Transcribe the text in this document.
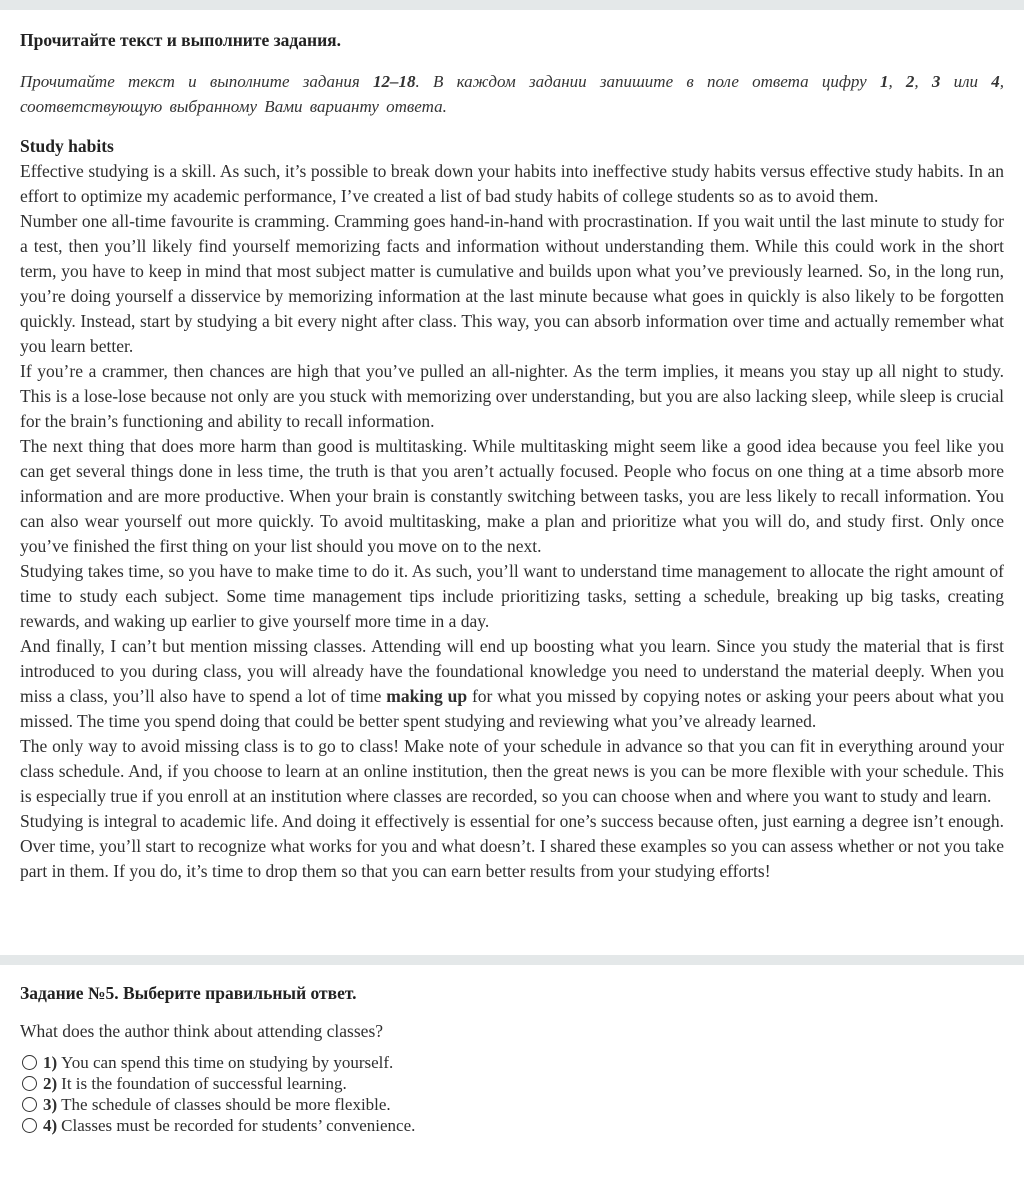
Прочитайте текст и выполните задания.

Прочитайте текст и выполните задания 12–18. В каждом задании запишите в поле ответа цифру 1, 2, 3 или 4, соответствующую выбранному Вами варианту ответа.

Study habits

Effective studying is a skill. As such, it’s possible to break down your habits into ineffective study habits versus effective study habits. In an effort to optimize my academic performance, I’ve created a list of bad study habits of college students so as to avoid them.

Number one all-time favourite is cramming. Cramming goes hand-in-hand with procrastination. If you wait until the last minute to study for a test, then you’ll likely find yourself memorizing facts and information without understanding them. While this could work in the short term, you have to keep in mind that most subject matter is cumulative and builds upon what you’ve previously learned. So, in the long run, you’re doing yourself a disservice by memorizing information at the last minute because what goes in quickly is also likely to be forgotten quickly. Instead, start by studying a bit every night after class. This way, you can absorb information over time and actually remember what you learn better.

If you’re a crammer, then chances are high that you’ve pulled an all-nighter. As the term implies, it means you stay up all night to study. This is a lose-lose because not only are you stuck with memorizing over understanding, but you are also lacking sleep, while sleep is crucial for the brain’s functioning and ability to recall information.

The next thing that does more harm than good is multitasking. While multitasking might seem like a good idea because you feel like you can get several things done in less time, the truth is that you aren’t actually focused. People who focus on one thing at a time absorb more information and are more productive. When your brain is constantly switching between tasks, you are less likely to recall information. You can also wear yourself out more quickly. To avoid multitasking, make a plan and prioritize what you will do, and study first. Only once you’ve finished the first thing on your list should you move on to the next.

Studying takes time, so you have to make time to do it. As such, you’ll want to understand time management to allocate the right amount of time to study each subject. Some time management tips include prioritizing tasks, setting a schedule, breaking up big tasks, creating rewards, and waking up earlier to give yourself more time in a day.

And finally, I can’t but mention missing classes. Attending will end up boosting what you learn. Since you study the material that is first introduced to you during class, you will already have the foundational knowledge you need to understand the material deeply. When you miss a class, you’ll also have to spend a lot of time making up for what you missed by copying notes or asking your peers about what you missed. The time you spend doing that could be better spent studying and reviewing what you’ve already learned.

The only way to avoid missing class is to go to class! Make note of your schedule in advance so that you can fit in everything around your class schedule. And, if you choose to learn at an online institution, then the great news is you can be more flexible with your schedule. This is especially true if you enroll at an institution where classes are recorded, so you can choose when and where you want to study and learn.

Studying is integral to academic life. And doing it effectively is essential for one’s success because often, just earning a degree isn’t enough. Over time, you’ll start to recognize what works for you and what doesn’t. I shared these examples so you can assess whether or not you take part in them. If you do, it’s time to drop them so that you can earn better results from your studying efforts!

Задание №5. Выберите правильный ответ.

What does the author think about attending classes?

1) You can spend this time on studying by yourself.
2) It is the foundation of successful learning.
3) The schedule of classes should be more flexible.
4) Classes must be recorded for students’ convenience.
